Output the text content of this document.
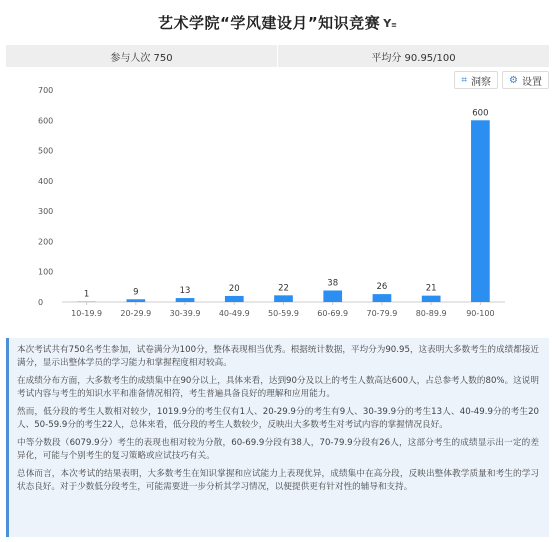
艺术学院“学风建设月”知识竞赛 Y≡
参与人次 750	平均分 90.95/100
0
100
200
300
400
500
600
700
1
10-19.9
9
20-29.9
13
30-39.9
20
40-49.9
22
50-59.9
38
60-69.9
26
70-79.9
21
80-89.9
600
90-100
⌗ 洞察 ⚙ 设置

本次考试共有750名考生参加，试卷满分为100分，整体表现相当优秀。根据统计数据，平均分为90.95，这表明大多数考生的成绩都接近满分，显示出整体学员的学习能力和掌握程度相对较高。

在成绩分布方面，大多数考生的成绩集中在90分以上，具体来看，达到90分及以上的考生人数高达600人，占总参考人数的80%。这说明考试内容与考生的知识水平和准备情况相符，考生普遍具备良好的理解和应用能力。

然而，低分段的考生人数相对较少，1019.9分的考生仅有1人、20-29.9分的考生有9人、30-39.9分的考生13人、40-49.9分的考生20人、50-59.9分的考生22人，总体来看，低分段的考生人数较少，反映出大多数考生对考试内容的掌握情况良好。

中等分数段（6079.9分）考生的表现也相对较为分散，60-69.9分段有38人，70-79.9分段有26人，这部分考生的成绩显示出一定的差异化，可能与个别考生的复习策略或应试技巧有关。

总体而言，本次考试的结果表明，大多数考生在知识掌握和应试能力上表现优异，成绩集中在高分段，反映出整体教学质量和考生的学习状态良好。对于少数低分段考生，可能需要进一步分析其学习情况，以便提供更有针对性的辅导和支持。
